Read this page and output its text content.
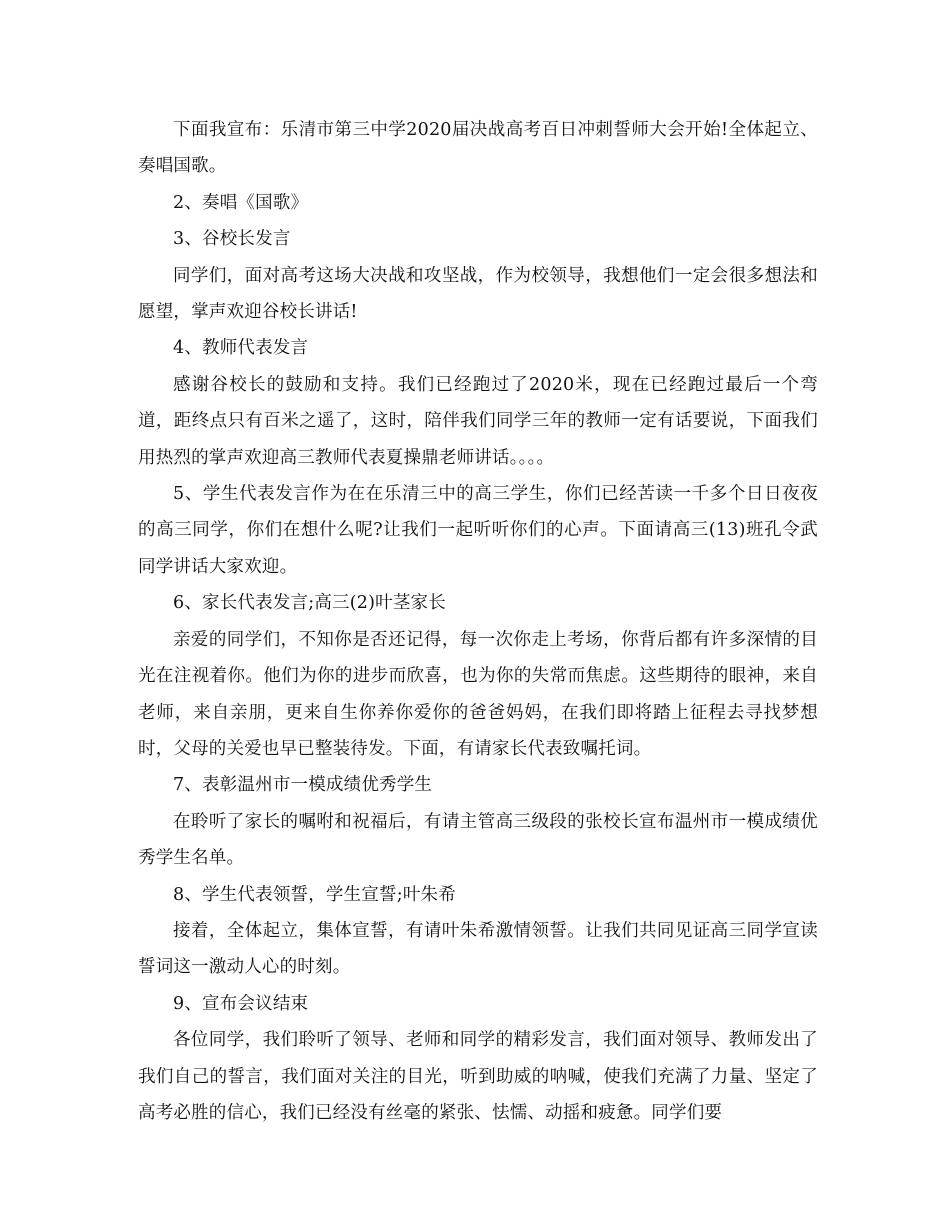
下面我宣布：乐清市第三中学2020届决战高考百日冲刺誓师大会开始!全体起立、奏唱国歌。

2、奏唱《国歌》

3、谷校长发言

同学们，面对高考这场大决战和攻坚战，作为校领导，我想他们一定会很多想法和愿望，掌声欢迎谷校长讲话!

4、教师代表发言

感谢谷校长的鼓励和支持。我们已经跑过了2020米，现在已经跑过最后一个弯道，距终点只有百米之遥了，这时，陪伴我们同学三年的教师一定有话要说，下面我们用热烈的掌声欢迎高三教师代表夏操鼎老师讲话。。。。

5、学生代表发言作为在在乐清三中的高三学生，你们已经苦读一千多个日日夜夜的高三同学，你们在想什么呢?让我们一起听听你们的心声。下面请高三(13)班孔令武同学讲话大家欢迎。

6、家长代表发言;高三(2)叶茎家长

亲爱的同学们，不知你是否还记得，每一次你走上考场，你背后都有许多深情的目光在注视着你。他们为你的进步而欣喜，也为你的失常而焦虑。这些期待的眼神，来自老师，来自亲朋，更来自生你养你爱你的爸爸妈妈，在我们即将踏上征程去寻找梦想时，父母的关爱也早已整装待发。下面，有请家长代表致嘱托词。

7、表彰温州市一模成绩优秀学生

在聆听了家长的嘱咐和祝福后，有请主管高三级段的张校长宣布温州市一模成绩优秀学生名单。

8、学生代表领誓，学生宣誓;叶朱希

接着，全体起立，集体宣誓，有请叶朱希激情领誓。让我们共同见证高三同学宣读誓词这一激动人心的时刻。

9、宣布会议结束

各位同学，我们聆听了领导、老师和同学的精彩发言，我们面对领导、教师发出了我们自己的誓言，我们面对关注的目光，听到助威的呐喊，使我们充满了力量、坚定了高考必胜的信心，我们已经没有丝毫的紧张、怯懦、动摇和疲惫。同学们要
